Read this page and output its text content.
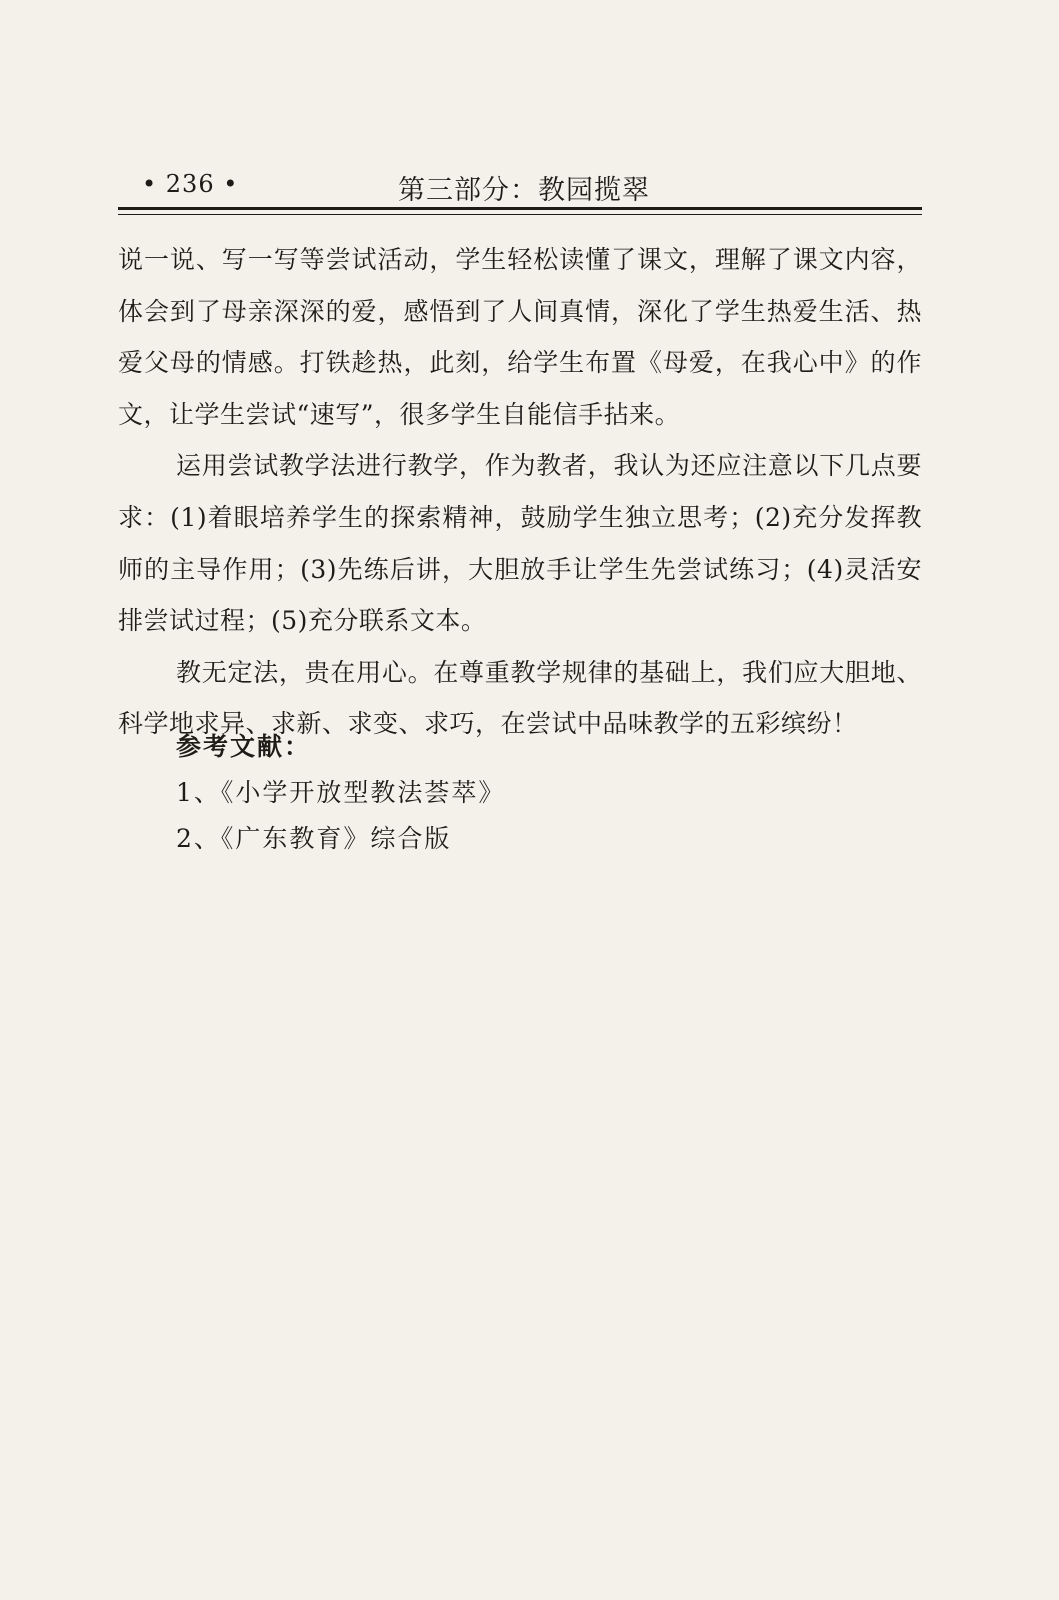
• 236 •	第三部分：教园揽翠

说一说、写一写等尝试活动，学生轻松读懂了课文，理解了课文内容，体会到了母亲深深的爱，感悟到了人间真情，深化了学生热爱生活、热爱父母的情感。打铁趁热，此刻，给学生布置《母爱，在我心中》的作文，让学生尝试“速写”，很多学生自能信手拈来。

运用尝试教学法进行教学，作为教者，我认为还应注意以下几点要求：(1)着眼培养学生的探索精神，鼓励学生独立思考；(2)充分发挥教师的主导作用；(3)先练后讲，大胆放手让学生先尝试练习；(4)灵活安排尝试过程；(5)充分联系文本。

教无定法，贵在用心。在尊重教学规律的基础上，我们应大胆地、科学地求异、求新、求变、求巧，在尝试中品味教学的五彩缤纷！

参考文献：
1、《小学开放型教法荟萃》
2、《广东教育》综合版
